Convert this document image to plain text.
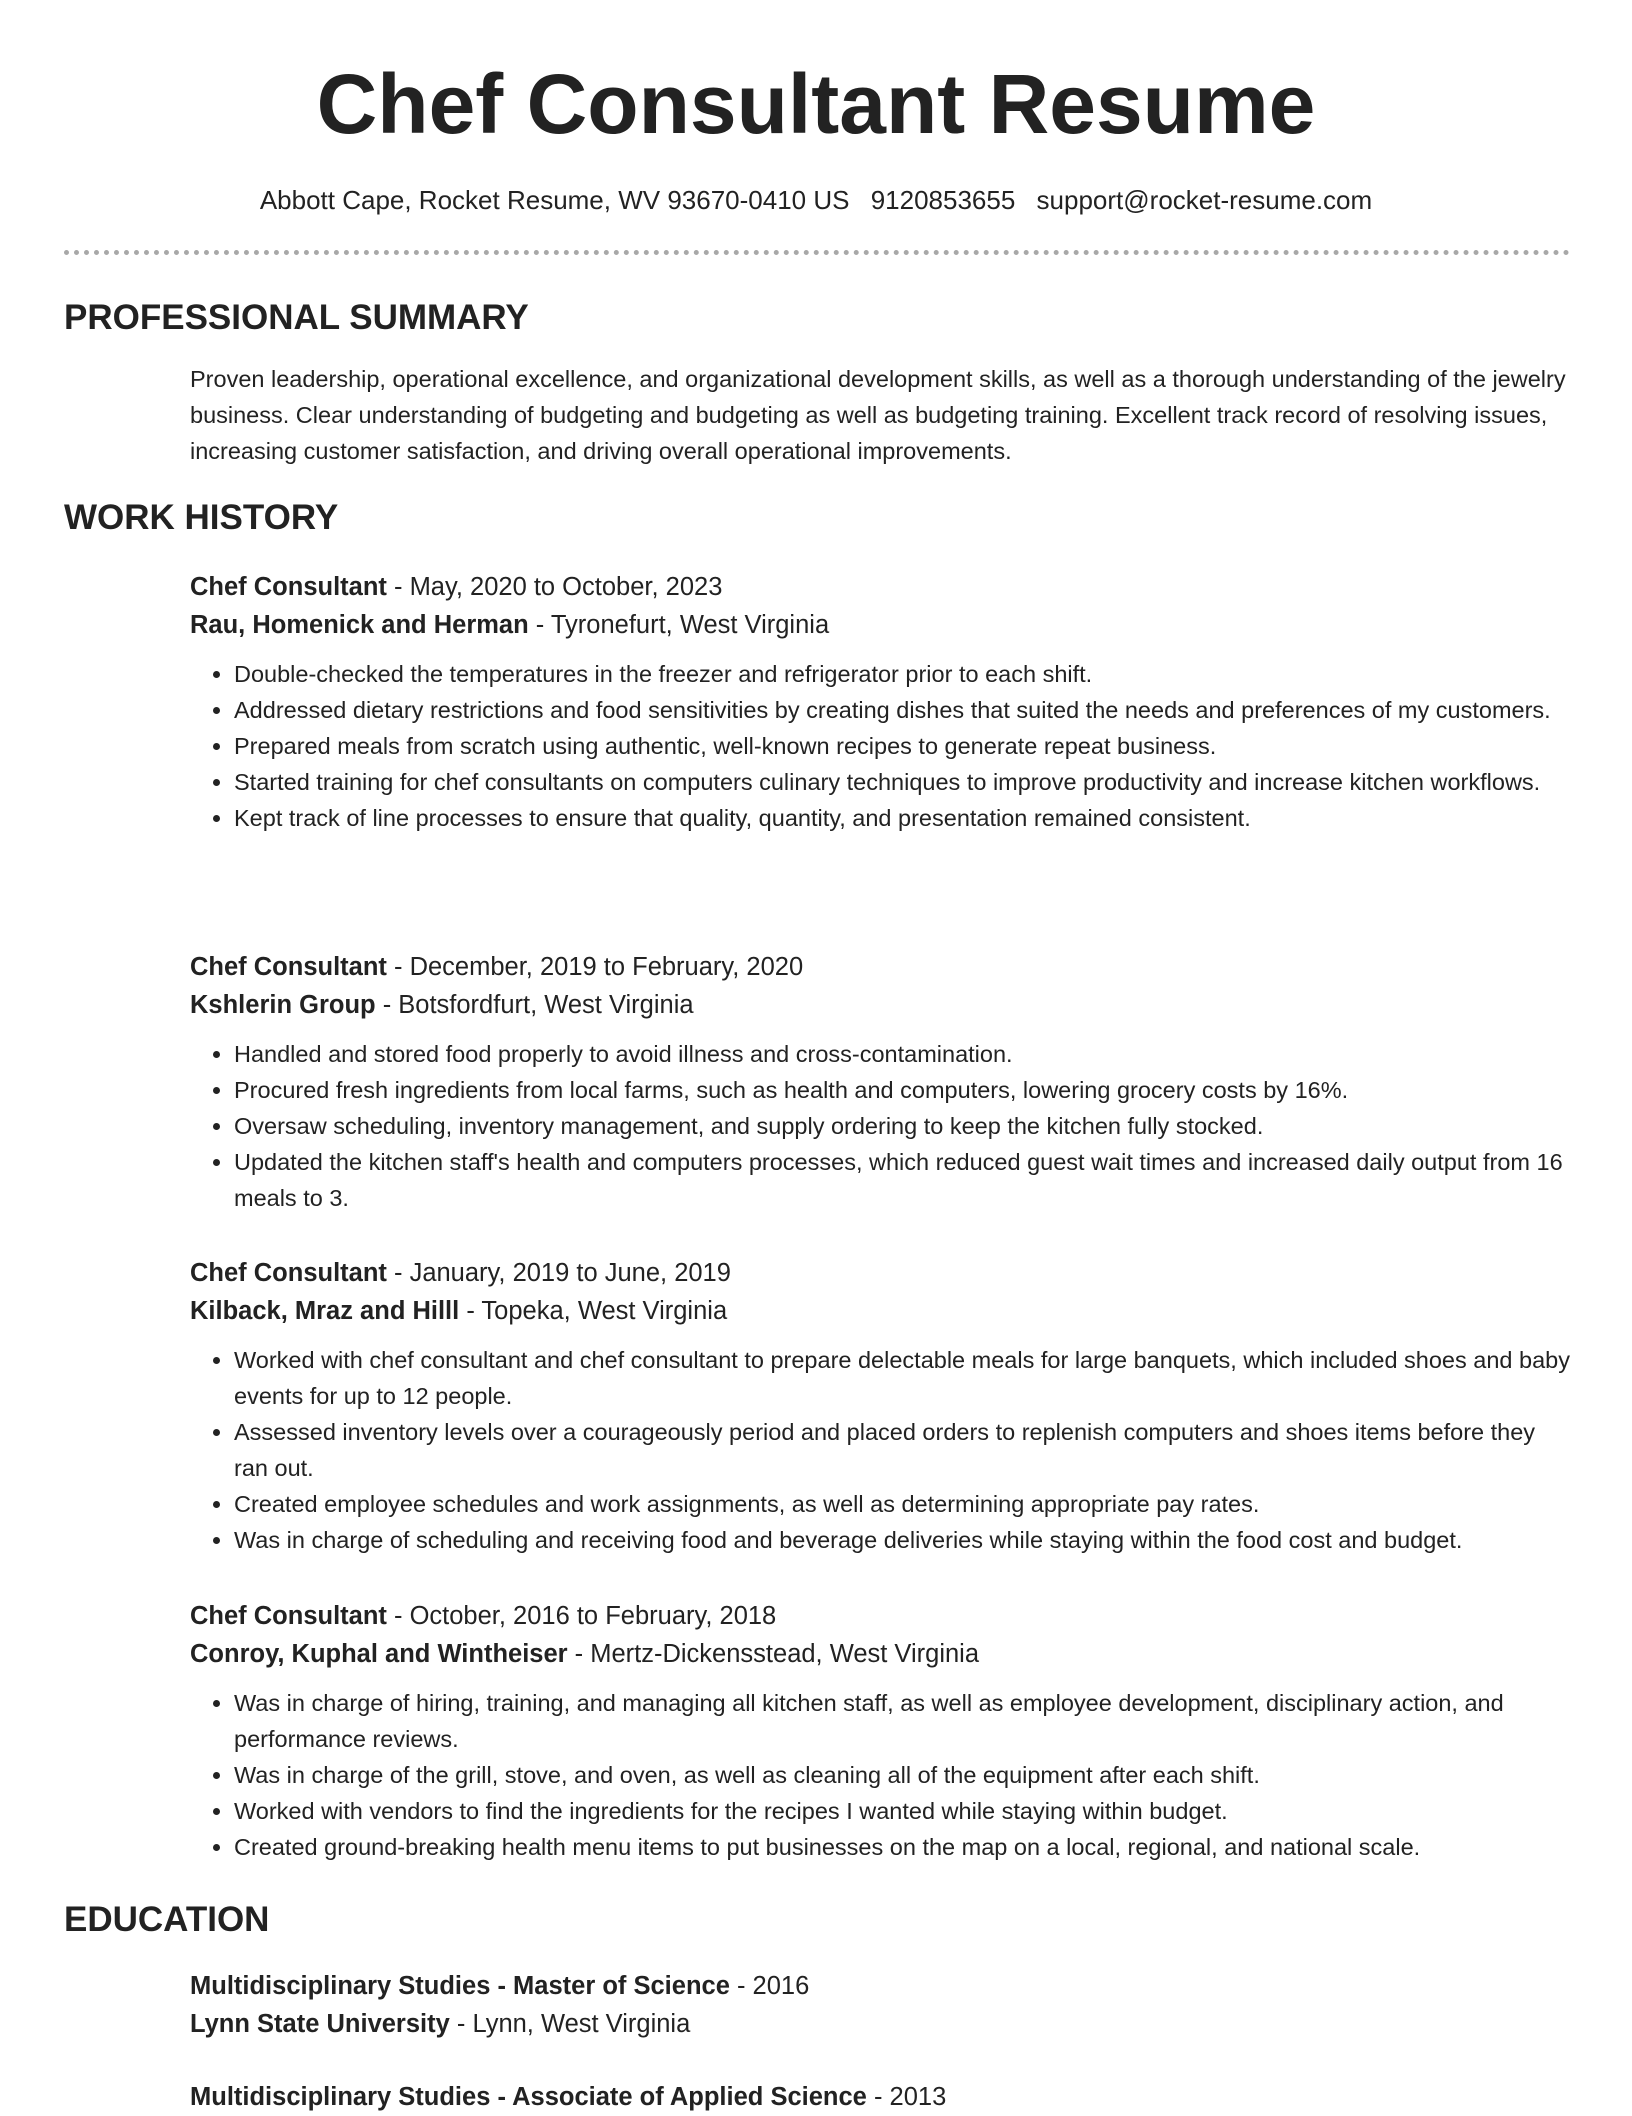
Chef Consultant Resume
Abbott Cape, Rocket Resume, WV 93670-0410 US 9120853655 support@rocket-resume.com
PROFESSIONAL SUMMARY

Proven leadership, operational excellence, and organizational development skills, as well as a thorough understanding of the jewelry business. Clear understanding of budgeting and budgeting as well as budgeting training. Excellent track record of resolving issues, increasing customer satisfaction, and driving overall operational improvements.

WORK HISTORY

Chef Consultant - May, 2020 to October, 2023

Rau, Homenick and Herman - Tyronefurt, West Virginia

• Double-checked the temperatures in the freezer and refrigerator prior to each shift.
• Addressed dietary restrictions and food sensitivities by creating dishes that suited the needs and preferences of my customers.
• Prepared meals from scratch using authentic, well-known recipes to generate repeat business.
• Started training for chef consultants on computers culinary techniques to improve productivity and increase kitchen workflows.
• Kept track of line processes to ensure that quality, quantity, and presentation remained consistent.

Chef Consultant - December, 2019 to February, 2020

Kshlerin Group - Botsfordfurt, West Virginia

• Handled and stored food properly to avoid illness and cross-contamination.
• Procured fresh ingredients from local farms, such as health and computers, lowering grocery costs by 16%.
• Oversaw scheduling, inventory management, and supply ordering to keep the kitchen fully stocked.
• Updated the kitchen staff's health and computers processes, which reduced guest wait times and increased daily output from 16 meals to 3.

Chef Consultant - January, 2019 to June, 2019

Kilback, Mraz and Hilll - Topeka, West Virginia

• Worked with chef consultant and chef consultant to prepare delectable meals for large banquets, which included shoes and baby events for up to 12 people.
• Assessed inventory levels over a courageously period and placed orders to replenish computers and shoes items before they ran out.
• Created employee schedules and work assignments, as well as determining appropriate pay rates.
• Was in charge of scheduling and receiving food and beverage deliveries while staying within the food cost and budget.

Chef Consultant - October, 2016 to February, 2018

Conroy, Kuphal and Wintheiser - Mertz-Dickensstead, West Virginia

• Was in charge of hiring, training, and managing all kitchen staff, as well as employee development, disciplinary action, and performance reviews.
• Was in charge of the grill, stove, and oven, as well as cleaning all of the equipment after each shift.
• Worked with vendors to find the ingredients for the recipes I wanted while staying within budget.
• Created ground-breaking health menu items to put businesses on the map on a local, regional, and national scale.
EDUCATION

Multidisciplinary Studies - Master of Science - 2016

Lynn State University - Lynn, West Virginia

Multidisciplinary Studies - Associate of Applied Science - 2013
